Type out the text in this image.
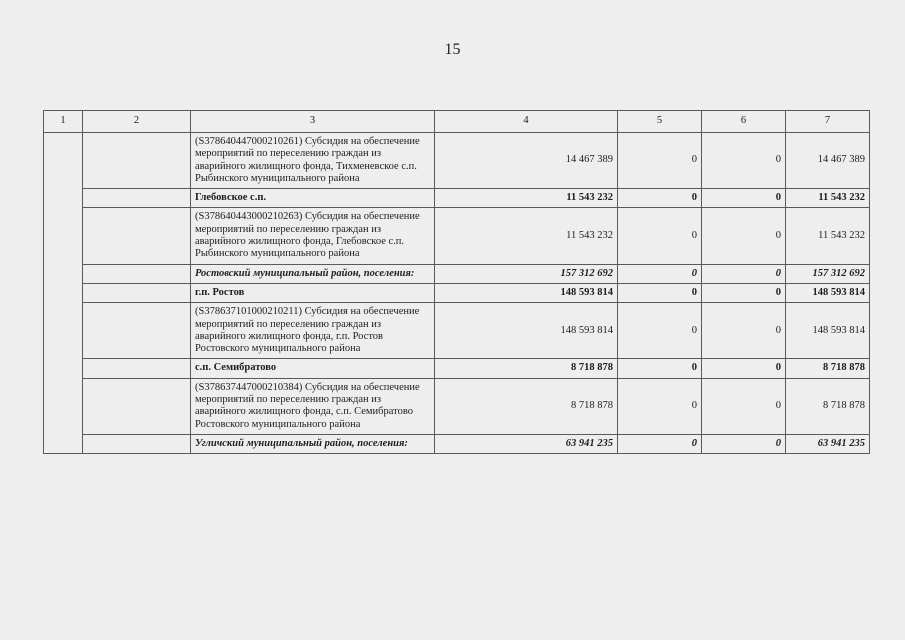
15
1	2	3	4	5	6	7
		(S378640447000210261) Субсидия на обеспечение мероприятий по переселению граждан из аварийного жилищного фонда, Тихменевское с.п. Рыбинского муниципального района	14 467 389	0	0	14 467 389
		Глебовское с.п.	11 543 232	0	0	11 543 232
		(S378640443000210263) Субсидия на обеспечение мероприятий по переселению граждан из аварийного жилищного фонда, Глебовское с.п. Рыбинского муниципального района	11 543 232	0	0	11 543 232
		Ростовский муниципальный район, поселения:	157 312 692	0	0	157 312 692
		г.п. Ростов	148 593 814	0	0	148 593 814
		(S378637101000210211) Субсидия на обеспечение мероприятий по переселению граждан из аварийного жилищного фонда, г.п. Ростов Ростовского муниципального района	148 593 814	0	0	148 593 814
		с.п. Семибратово	8 718 878	0	0	8 718 878
		(S378637447000210384) Субсидия на обеспечение мероприятий по переселению граждан из аварийного жилищного фонда, с.п. Семибратово Ростовского муниципального района	8 718 878	0	0	8 718 878
		Угличский муниципальный район, поселения:	63 941 235	0	0	63 941 235
